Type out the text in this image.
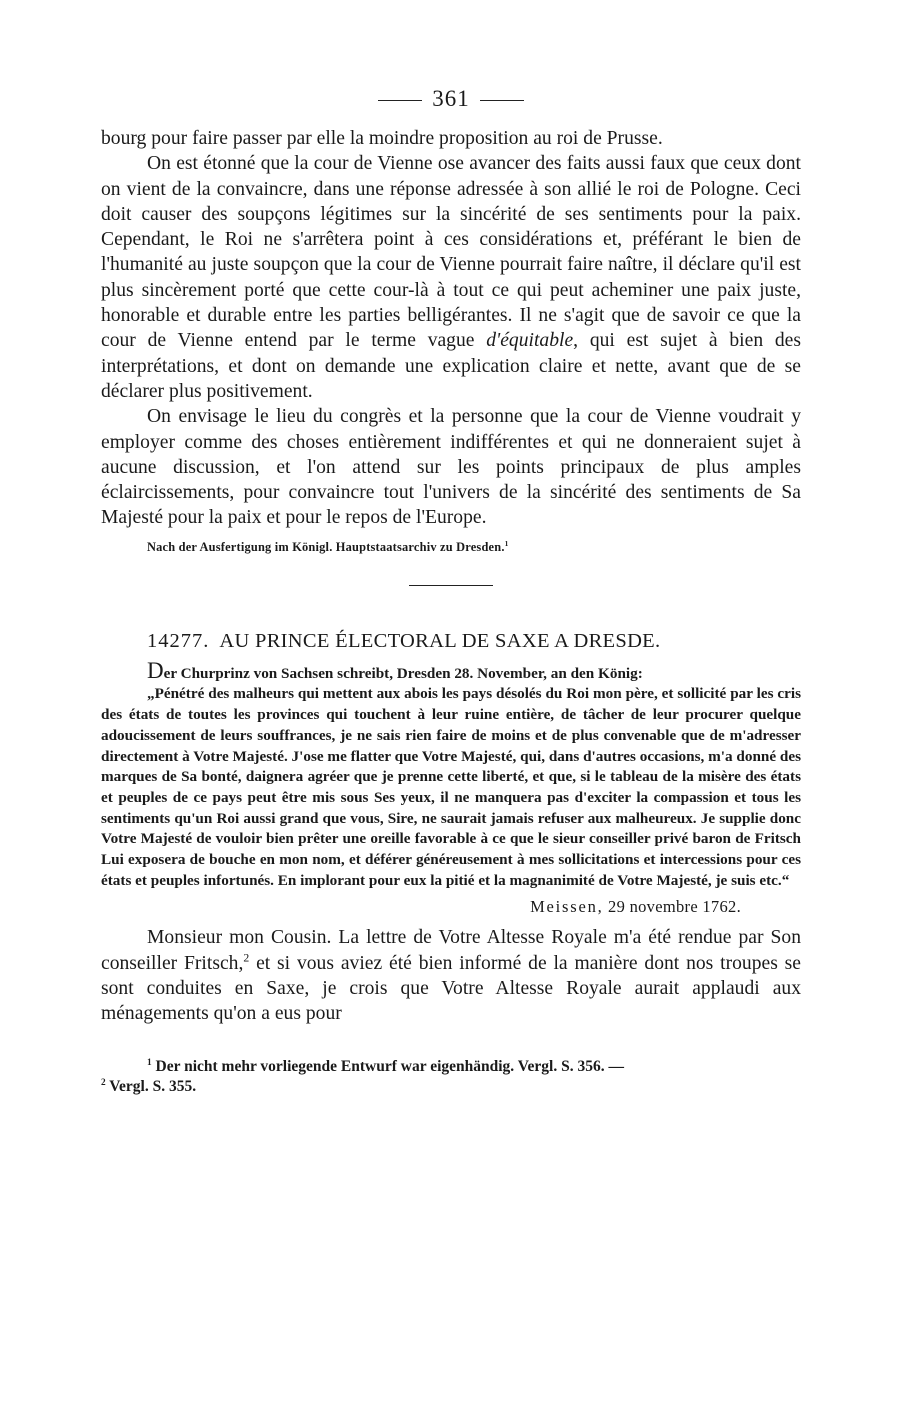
361

bourg pour faire passer par elle la moindre proposition au roi de Prusse.

On est étonné que la cour de Vienne ose avancer des faits aussi faux que ceux dont on vient de la convaincre, dans une réponse adressée à son allié le roi de Pologne. Ceci doit causer des soupçons légitimes sur la sincérité de ses sentiments pour la paix. Cependant, le Roi ne s'arrêtera point à ces considérations et, préférant le bien de l'humanité au juste soupçon que la cour de Vienne pourrait faire naître, il déclare qu'il est plus sincèrement porté que cette cour-là à tout ce qui peut acheminer une paix juste, honorable et durable entre les parties belligérantes. Il ne s'agit que de savoir ce que la cour de Vienne entend par le terme vague d'équitable, qui est sujet à bien des interprétations, et dont on demande une explication claire et nette, avant que de se déclarer plus positivement.

On envisage le lieu du congrès et la personne que la cour de Vienne voudrait y employer comme des choses entièrement indifférentes et qui ne donneraient sujet à aucune discussion, et l'on attend sur les points principaux de plus amples éclaircissements, pour convaincre tout l'univers de la sincérité des sentiments de Sa Majesté pour la paix et pour le repos de l'Europe.

Nach der Ausfertigung im Königl. Hauptstaatsarchiv zu Dresden.$^1$
14277. AU PRINCE ÉLECTORAL DE SAXE A DRESDE.

Der Churprinz von Sachsen schreibt, Dresden 28. November, an den König:

„Pénétré des malheurs qui mettent aux abois les pays désolés du Roi mon père, et sollicité par les cris des états de toutes les provinces qui touchent à leur ruine entière, de tâcher de leur procurer quelque adoucissement de leurs souffrances, je ne sais rien faire de moins et de plus convenable que de m'adresser directement à Votre Majesté. J'ose me flatter que Votre Majesté, qui, dans d'autres occasions, m'a donné des marques de Sa bonté, daignera agréer que je prenne cette liberté, et que, si le tableau de la misère des états et peuples de ce pays peut être mis sous Ses yeux, il ne manquera pas d'exciter la compassion et tous les sentiments qu'un Roi aussi grand que vous, Sire, ne saurait jamais refuser aux malheureux. Je supplie donc Votre Majesté de vouloir bien prêter une oreille favorable à ce que le sieur conseiller privé baron de Fritsch Lui exposera de bouche en mon nom, et déférer généreusement à mes sollicitations et intercessions pour ces états et peuples infortunés. En implorant pour eux la pitié et la magnanimité de Votre Majesté, je suis etc.“

Meissen, 29 novembre 1762.

Monsieur mon Cousin. La lettre de Votre Altesse Royale m'a été rendue par Son conseiller Fritsch,$^2$ et si vous aviez été bien informé de la manière dont nos troupes se sont conduites en Saxe, je crois que Votre Altesse Royale aurait applaudi aux ménagements qu'on a eus pour

$^1$ Der nicht mehr vorliegende Entwurf war eigenhändig. Vergl. S. 356. —

$^2$ Vergl. S. 355.
